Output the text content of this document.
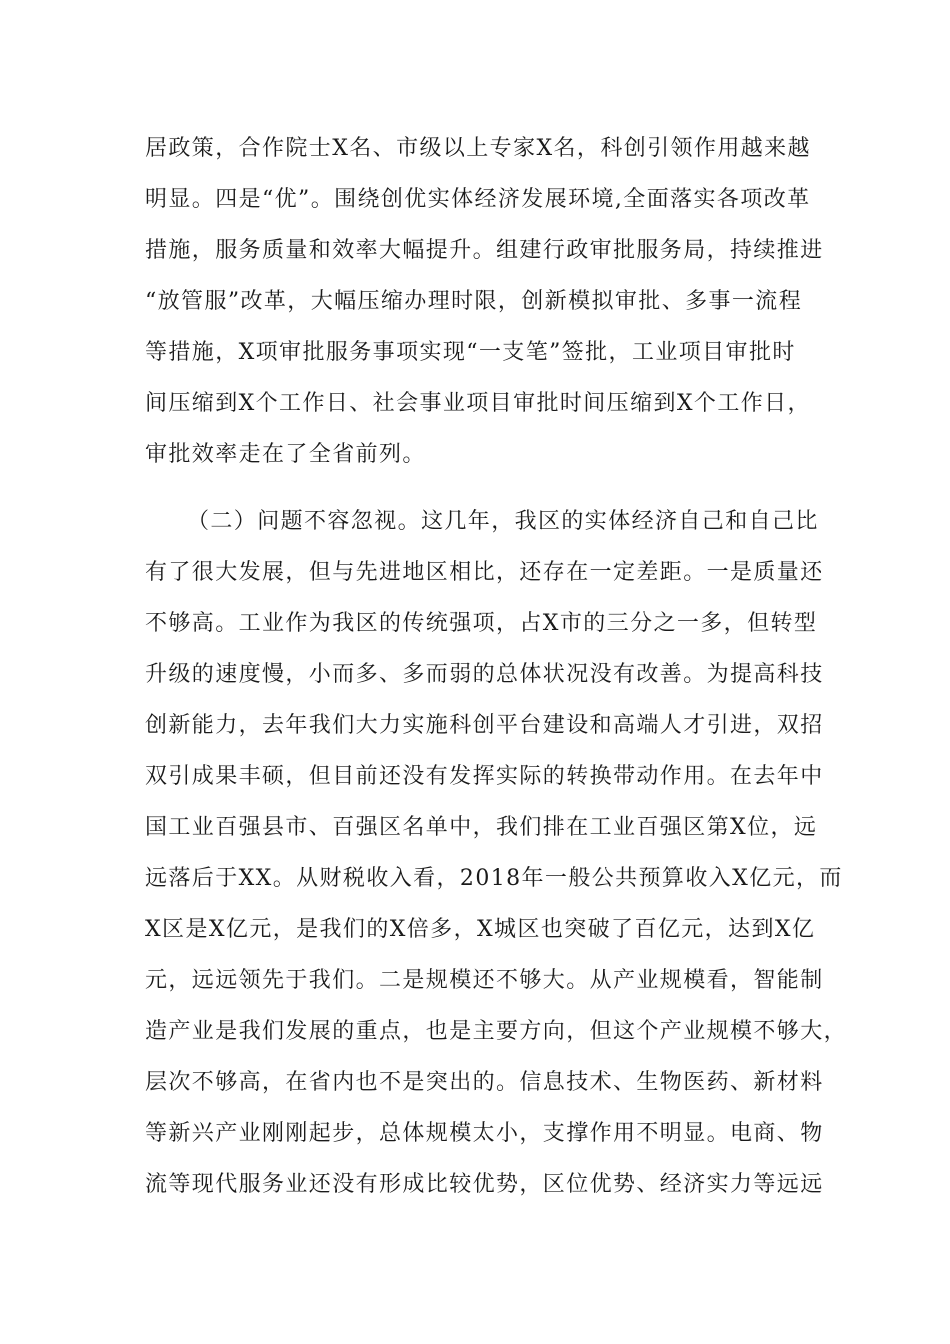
居政策，合作院士X名、市级以上专家X名，科创引领作用越来越

明显。四是“优”。围绕创优实体经济发展环境,全面落实各项改革

措施，服务质量和效率大幅提升。组建行政审批服务局，持续推进

“放管服”改革，大幅压缩办理时限，创新模拟审批、多事一流程

等措施，X项审批服务事项实现“一支笔”签批，工业项目审批时

间压缩到X个工作日、社会事业项目审批时间压缩到X个工作日，

审批效率走在了全省前列。

（二）问题不容忽视。这几年，我区的实体经济自己和自己比

有了很大发展，但与先进地区相比，还存在一定差距。一是质量还

不够高。工业作为我区的传统强项，占X市的三分之一多，但转型

升级的速度慢，小而多、多而弱的总体状况没有改善。为提高科技

创新能力，去年我们大力实施科创平台建设和高端人才引进，双招

双引成果丰硕，但目前还没有发挥实际的转换带动作用。在去年中

国工业百强县市、百强区名单中，我们排在工业百强区第X位，远

远落后于XX。从财税收入看，2018年一般公共预算收入X亿元，而

X区是X亿元，是我们的X倍多，X城区也突破了百亿元，达到X亿

元，远远领先于我们。二是规模还不够大。从产业规模看，智能制

造产业是我们发展的重点，也是主要方向，但这个产业规模不够大，

层次不够高，在省内也不是突出的。信息技术、生物医药、新材料

等新兴产业刚刚起步，总体规模太小，支撑作用不明显。电商、物

流等现代服务业还没有形成比较优势，区位优势、经济实力等远远
